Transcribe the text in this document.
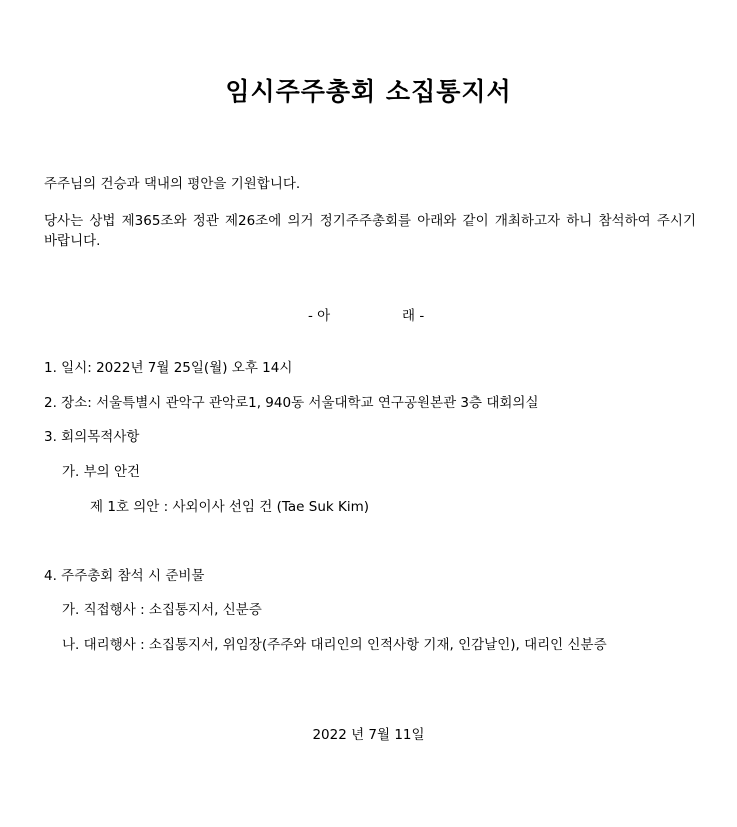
임시주주총회 소집통지서
주주님의 건승과 댁내의 평안을 기원합니다.
당사는 상법 제365조와 정관 제26조에 의거 정기주주총회를 아래와 같이 개최하고자 하니 참석하여 주시기 바랍니다.
- 아	래 -
1. 일시: 2022년 7월 25일(월) 오후 14시
2. 장소: 서울특별시 관악구 관악로1, 940동 서울대학교 연구공원본관 3층 대회의실
3. 회의목적사항
가. 부의 안건
제 1호 의안 : 사외이사 선임 건 (Tae Suk Kim)
4. 주주총회 참석 시 준비물
가. 직접행사 : 소집통지서, 신분증
나. 대리행사 : 소집통지서, 위임장(주주와 대리인의 인적사항 기재, 인감날인), 대리인 신분증
2022 년 7월 11일
